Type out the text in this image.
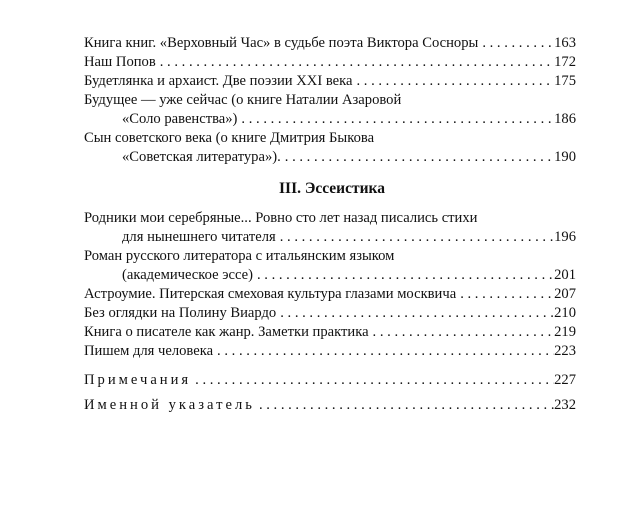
Книга книг. «Верховный Час» в судьбе поэта Виктора Сосноры . . .	163
Наш Попов . . .	172
Будетлянка и архаист. Две поэзии XXI века . . .	175
Будущее — уже сейчас (о книге Наталии Азаровой
«Соло равенства») . . .	186
Сын советского века (о книге Дмитрия Быкова
«Советская литература»). . . .	190
III. Эссеистика
Родники мои серебряные... Ровно сто лет назад писались стихи
для нынешнего читателя . . .	196
Роман русского литератора с итальянским языком
(академическое эссе) . . .	201
Астроумие. Питерская смеховая культура глазами москвича . . .	207
Без оглядки на Полину Виардо . . .	210
Книга о писателе как жанр. Заметки практика . . .	219
Пишем для человека . . .	223
Примечания . . .	227
Именной указатель . . .	232
